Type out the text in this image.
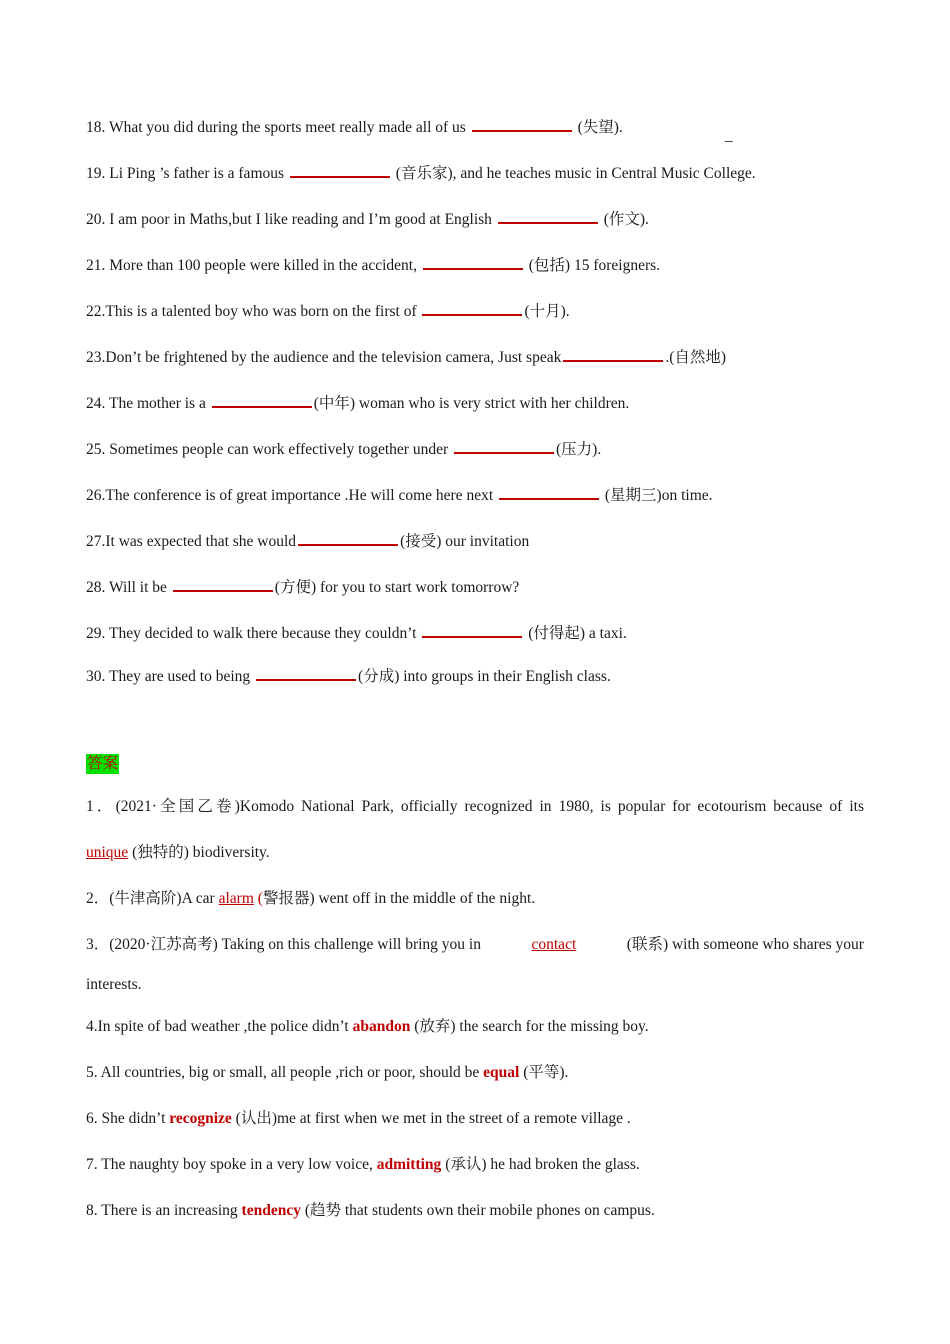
18. What you did during the sports meet really made all of us	(失望).	_
19. Li Ping ’s father is a famous	(音乐家), and he teaches music in Central Music College.
20. I am poor in Maths,but I like reading and I’m good at English	(作文).
21. More than 100 people were killed in the accident,	(包括) 15 foreigners.
22.This is a talented boy who was born on the first of	(十月).
23.Don’t be frightened by the audience and the television camera, Just speak	.(自然地)
24. The mother is a	(中年) woman who is very strict with her children.
25. Sometimes people can work effectively together under	(压力).
26.The conference is of great importance .He will come here next	(星期三)on time.
27.It was expected that she would	(接受) our invitation
28. Will it be	(方便) for you to start work tomorrow?
29. They decided to walk there because they couldn’t	(付得起) a taxi.
30. They are used to being	(分成) into groups in their English class.
答案
1．(2021·全国乙卷)Komodo National Park, officially recognized in 1980, is popular for ecotourism because of its
unique (独特的) biodiversity.
2．(牛津高阶)A car alarm (警报器) went off in the middle of the night.
3．(2020·江苏高考) Taking on this challenge will bring you in	contact	(联系) with someone who shares your
interests.
4.In spite of bad weather ,the police didn’t abandon (放弃) the search for the missing boy.
5. All countries, big or small, all people ,rich or poor, should be equal (平等).
6. She didn’t recognize (认出)me at first when we met in the street of a remote village .
7. The naughty boy spoke in a very low voice, admitting (承认) he had broken the glass.
8. There is an increasing tendency (趋势 that students own their mobile phones on campus.
